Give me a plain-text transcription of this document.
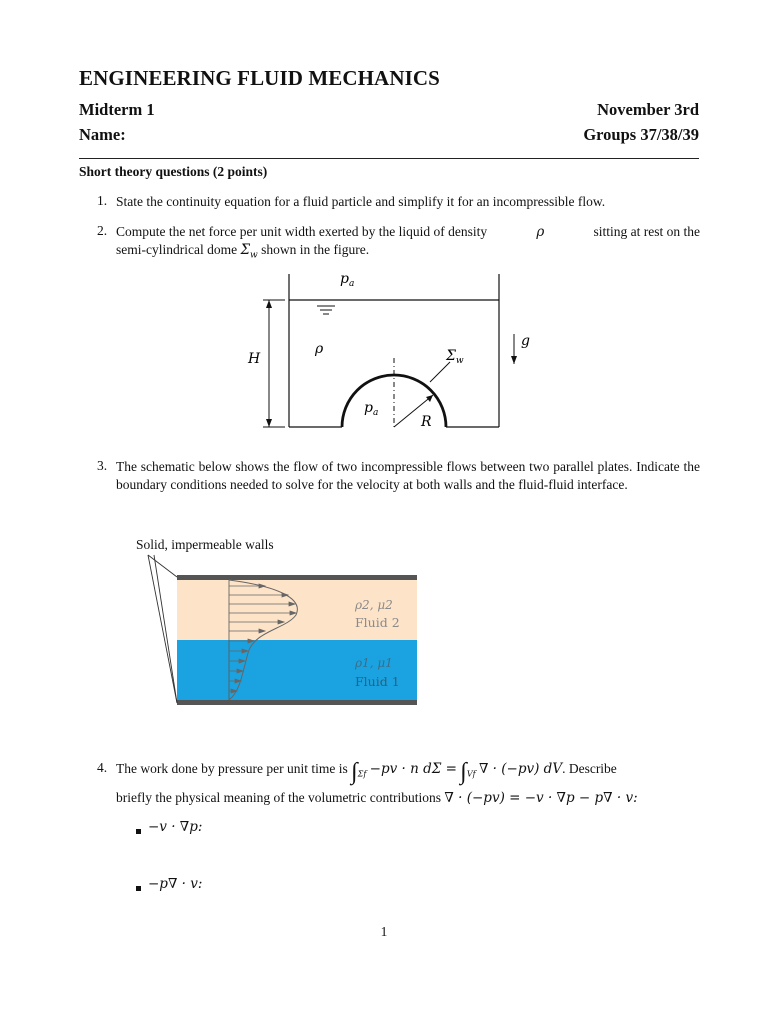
ENGINEERING FLUID MECHANICS
Midterm 1	November 3rd
Name:	Groups 37/38/39
Short theory questions (2 points)
1. State the continuity equation for a fluid particle and simplify it for an incompressible flow.
2. Compute the net force per unit width exerted by the liquid of density	ρ	sitting at rest on the
semi-cylindrical dome $\Sigma_w$ shown in the figure.
$p_a$
H
ρ	$\Sigma_w$
g
$p_a$
R
3. The schematic below shows the flow of two incompressible flows between two parallel plates. Indicate the boundary conditions needed to solve for the velocity at both walls and the fluid-fluid interface.
Solid, impermeable walls
ρ2, μ2
Fluid 2
ρ1, μ1
Fluid 1
4. The work done by pressure per unit time is $\int_{\Sigma f} -pv \cdot n$ $d\Sigma = \int_{Vf}$ ∇ · (−pv) dV. Describe
briefly the physical meaning of the volumetric contributions ∇ · (−pv) = −v · ∇p − p∇ · v:
−v · ∇p:
−p∇ · v:
1
